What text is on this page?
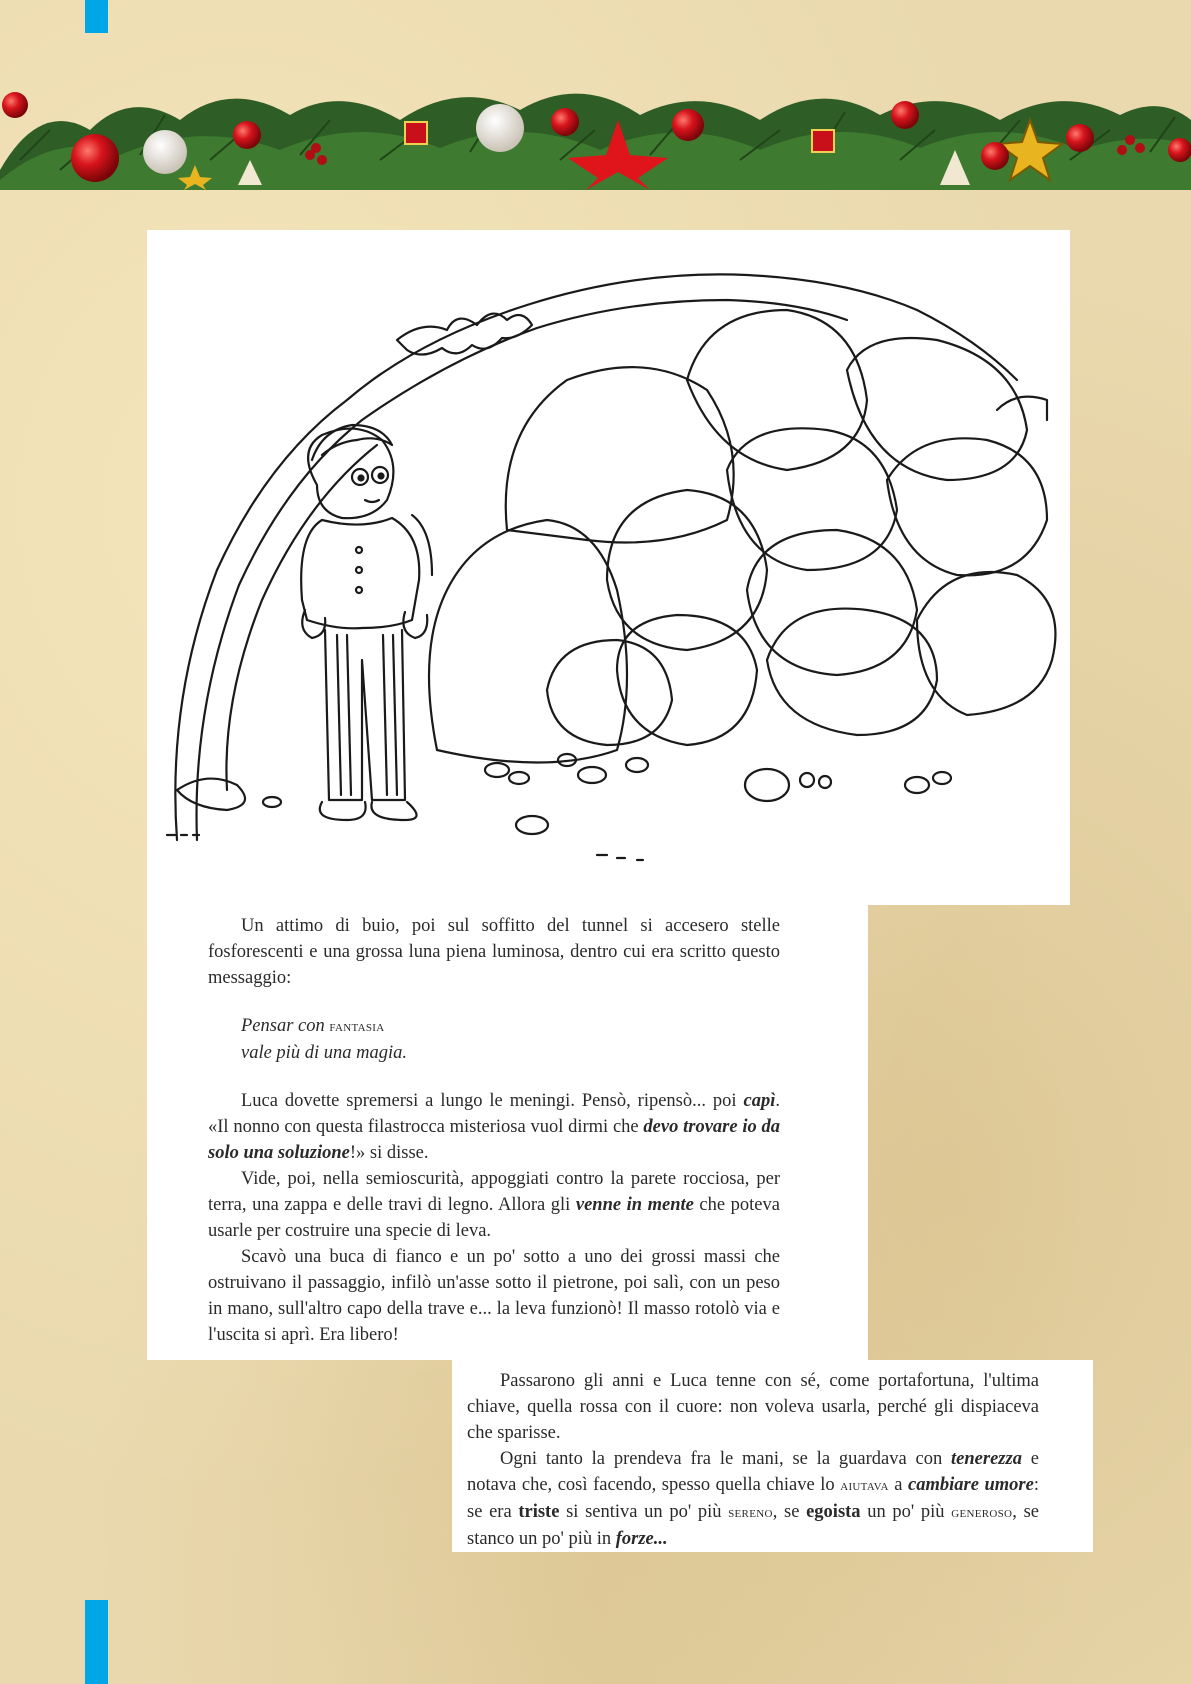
Un attimo di buio, poi sul soffitto del tunnel si accesero stelle fosforescenti e una grossa luna piena luminosa, dentro cui era scritto questo messaggio:

Pensar con fantasia
vale più di una magia.

Luca dovette spremersi a lungo le meningi. Pensò, ripensò... poi capì. «Il nonno con questa filastrocca misteriosa vuol dirmi che devo trovare io da solo una soluzione!» si disse.

Vide, poi, nella semioscurità, appoggiati contro la parete rocciosa, per terra, una zappa e delle travi di legno. Allora gli venne in mente che poteva usarle per costruire una specie di leva.

Scavò una buca di fianco e un po' sotto a uno dei grossi massi che ostruivano il passaggio, infilò un'asse sotto il pietrone, poi salì, con un peso in mano, sull'altro capo della trave e... la leva funzionò! Il masso rotolò via e l'uscita si aprì. Era libero!

Passarono gli anni e Luca tenne con sé, come portafortuna, l'ultima chiave, quella rossa con il cuore: non voleva usarla, perché gli dispiaceva che sparisse.

Ogni tanto la prendeva fra le mani, se la guardava con tenerezza e notava che, così facendo, spesso quella chiave lo aiutava a cambiare umore: se era triste si sentiva un po' più sereno, se egoista un po' più generoso, se stanco un po' più in forze...
